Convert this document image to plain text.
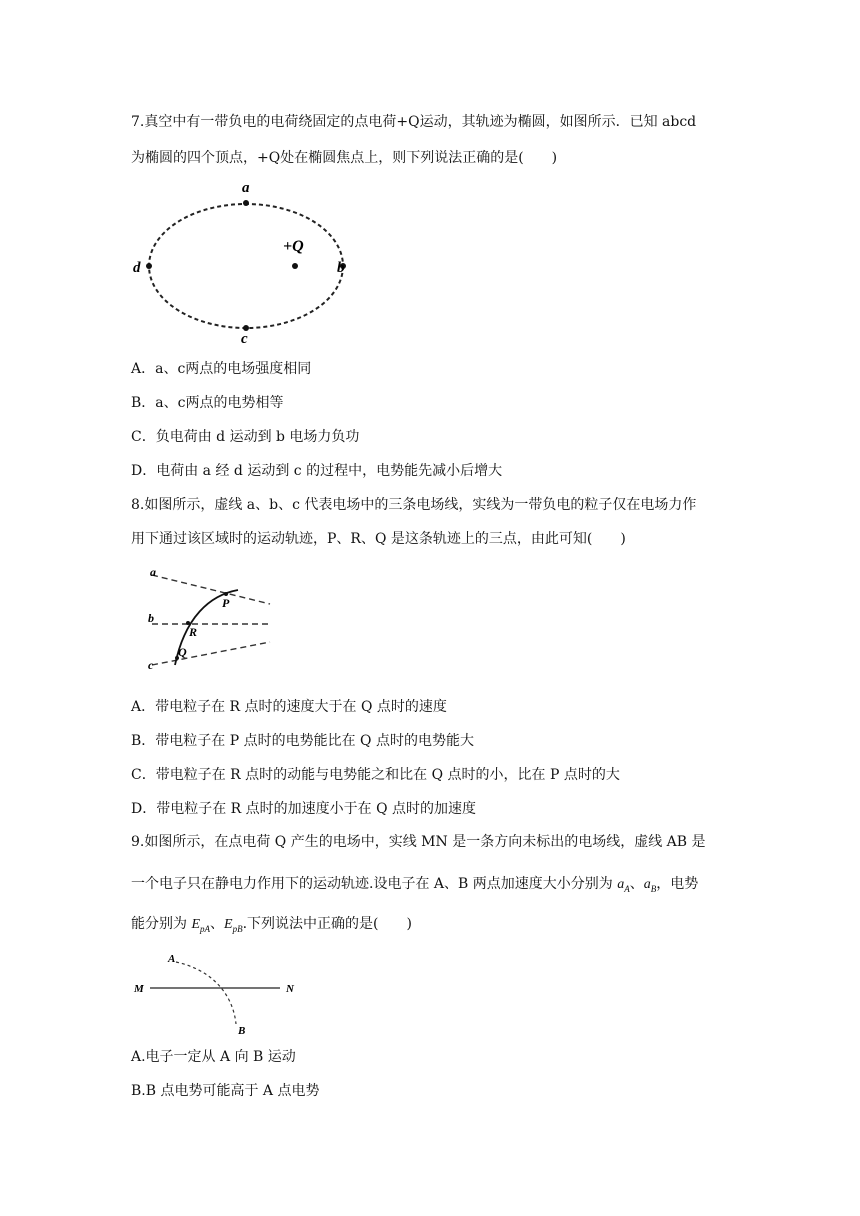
7.真空中有一带负电的电荷绕固定的点电荷+Q运动，其轨迹为椭圆，如图所示．已知 abcd
为椭圆的四个顶点，+Q处在椭圆焦点上，则下列说法正确的是(　　)
a
b
c
d
+Q
A．a、c两点的电场强度相同
B．a、c两点的电势相等
C．负电荷由 d 运动到 b 电场力负功
D．电荷由 a 经 d 运动到 c 的过程中，电势能先减小后增大
8.如图所示，虚线 a、b、c 代表电场中的三条电场线，实线为一带负电的粒子仅在电场力作
用下通过该区域时的运动轨迹，P、R、Q 是这条轨迹上的三点，由此可知(　　)
a
b
c
P
R
Q
A．带电粒子在 R 点时的速度大于在 Q 点时的速度
B．带电粒子在 P 点时的电势能比在 Q 点时的电势能大
C．带电粒子在 R 点时的动能与电势能之和比在 Q 点时的小，比在 P 点时的大
D．带电粒子在 R 点时的加速度小于在 Q 点时的加速度
9.如图所示，在点电荷 Q 产生的电场中，实线 MN 是一条方向未标出的电场线，虚线 AB 是
一个电子只在静电力作用下的运动轨迹.设电子在 A、B 两点加速度大小分别为 $a_A$、$a_B$，电势
能分别为 $E_{pA}$、$E_{pB}$.下列说法中正确的是(　　)
M	N
A
B
A.电子一定从 A 向 B 运动
B.B 点电势可能高于 A 点电势
